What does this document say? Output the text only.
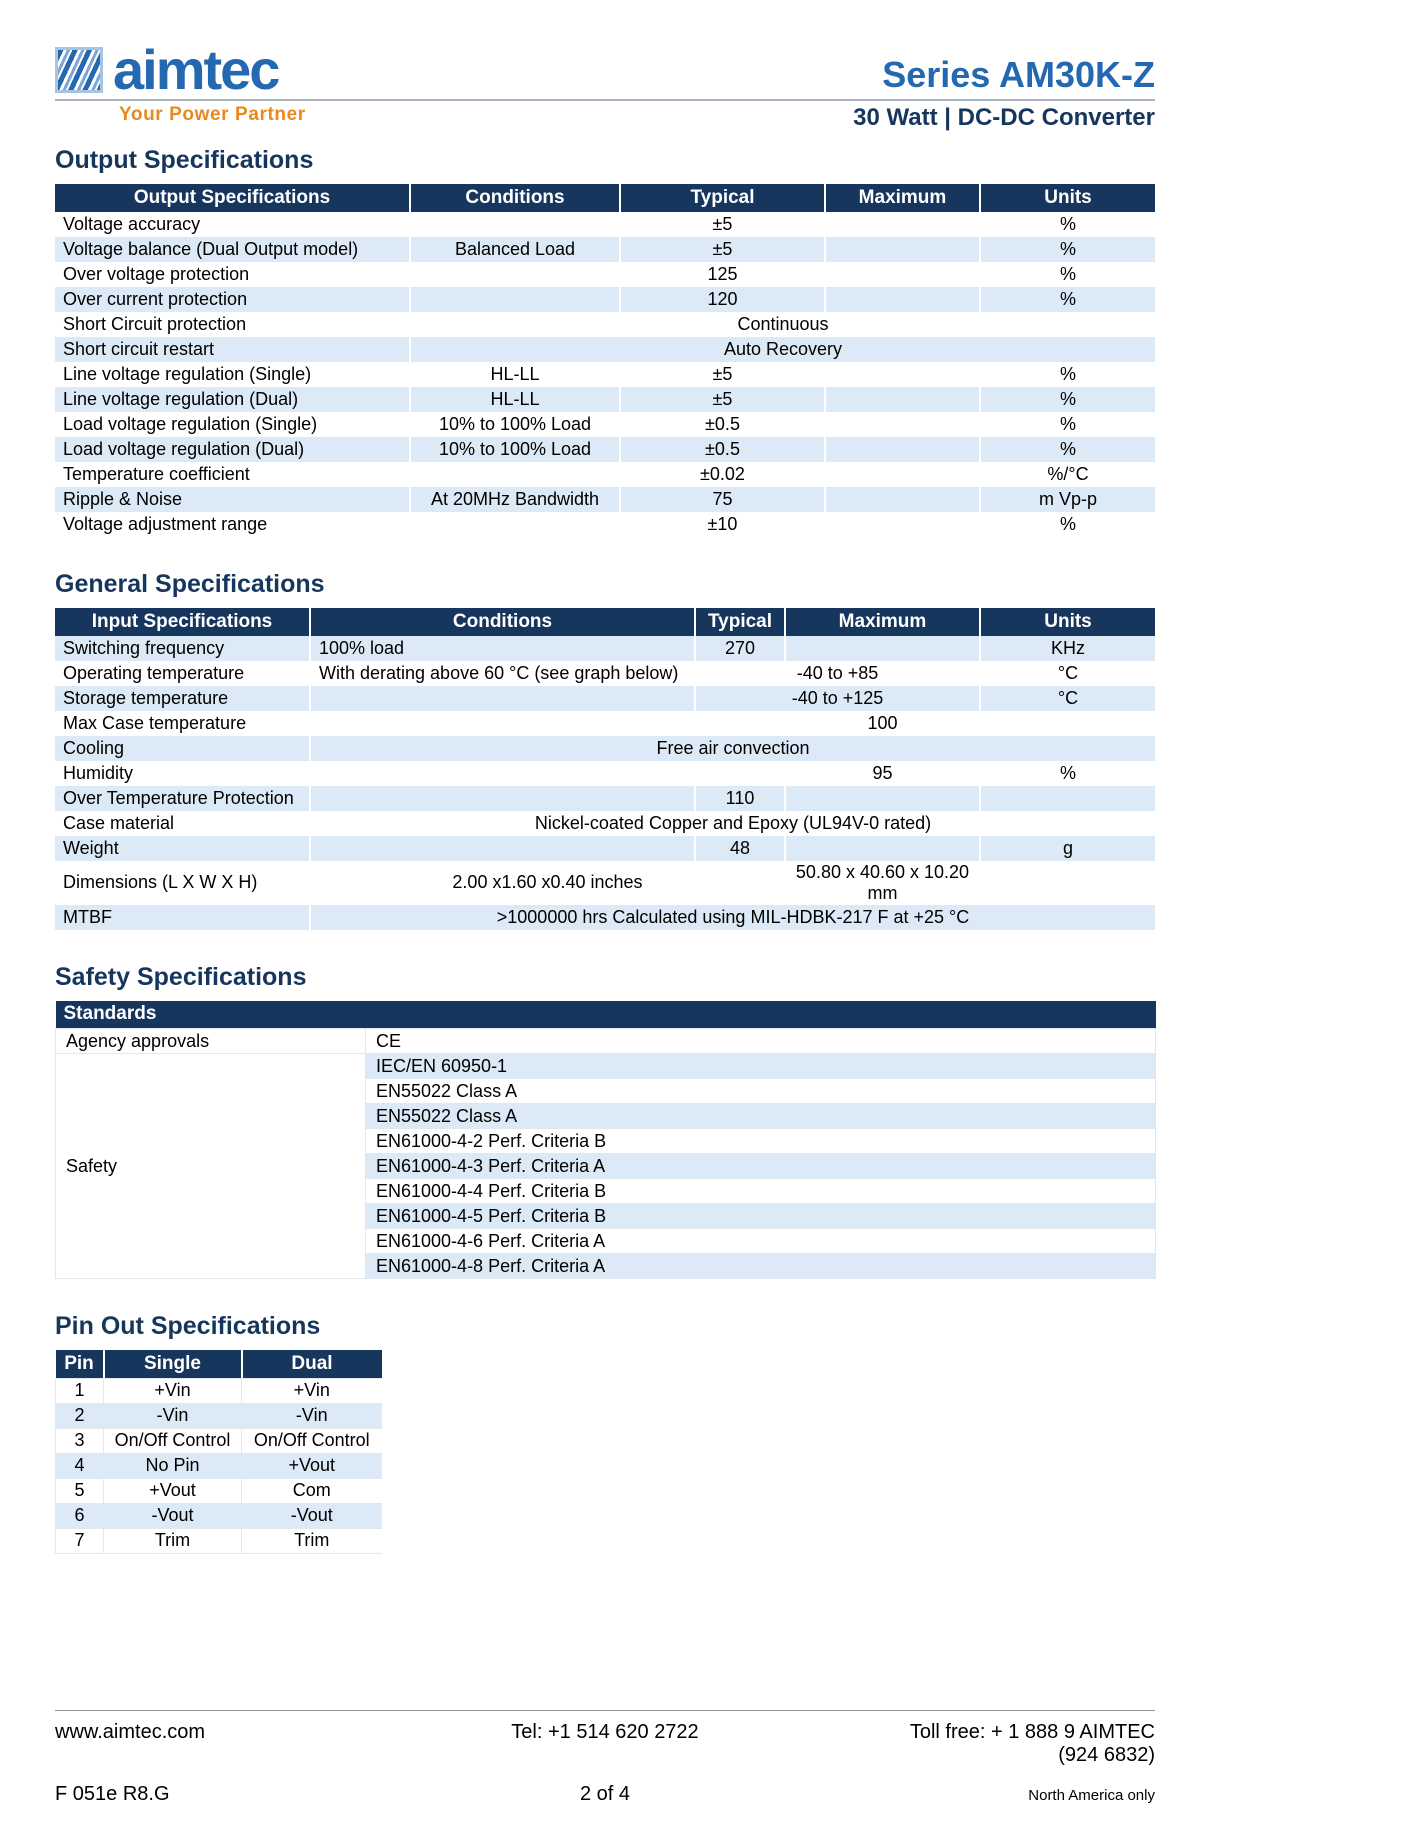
aimtec	Series AM30K-Z
Your Power Partner	30 Watt | DC-DC Converter
Output Specifications
Output Specifications	Conditions	Typical	Maximum	Units
Voltage accuracy		±5		%
Voltage balance (Dual Output model)	Balanced Load	±5		%
Over voltage protection		125		%
Over current protection		120		%
Short Circuit protection	Continuous			
Short circuit restart	Auto Recovery			
Line voltage regulation (Single)	HL-LL	±5		%
Line voltage regulation (Dual)	HL-LL	±5		%
Load voltage regulation (Single)	10% to 100% Load	±0.5		%
Load voltage regulation (Dual)	10% to 100% Load	±0.5		%
Temperature coefficient		±0.02		%/°C
Ripple & Noise	At 20MHz Bandwidth	75		m Vp-p
Voltage adjustment range		±10		%
General Specifications
Input Specifications	Conditions	Typical	Maximum	Units
Switching frequency	100% load	270		KHz
Operating temperature	With derating above 60 °C (see graph below)	-40 to +85		°C
Storage temperature		-40 to +125		°C
Max Case temperature			100	
Cooling	Free air convection			
Humidity			95	%
Over Temperature Protection		110		
Case material	Nickel-coated Copper and Epoxy (UL94V-0 rated)			
Weight		48		g
Dimensions (L X W X H)	2.00 x1.60 x0.40 inches		50.80 x 40.60 x 10.20 mm	
MTBF	>1000000 hrs Calculated using MIL-HDBK-217 F at +25 °C			
Safety Specifications
Standards	
Agency approvals	CE
Safety	IEC/EN 60950-1
	EN55022 Class A
	EN55022 Class A
	EN61000-4-2 Perf. Criteria B
	EN61000-4-3 Perf. Criteria A
	EN61000-4-4 Perf. Criteria B
	EN61000-4-5 Perf. Criteria B
	EN61000-4-6 Perf. Criteria A
	EN61000-4-8 Perf. Criteria A
Pin Out Specifications
Pin	Single	Dual
1	+Vin	+Vin
2	-Vin	-Vin
3	On/Off Control	On/Off Control
4	No Pin	+Vout
5	+Vout	Com
6	-Vout	-Vout
7	Trim	Trim
www.aimtec.com	Tel: +1 514 620 2722	Toll free: + 1 888 9 AIMTEC
(924 6832)
F 051e R8.G	2 of 4	North America only
